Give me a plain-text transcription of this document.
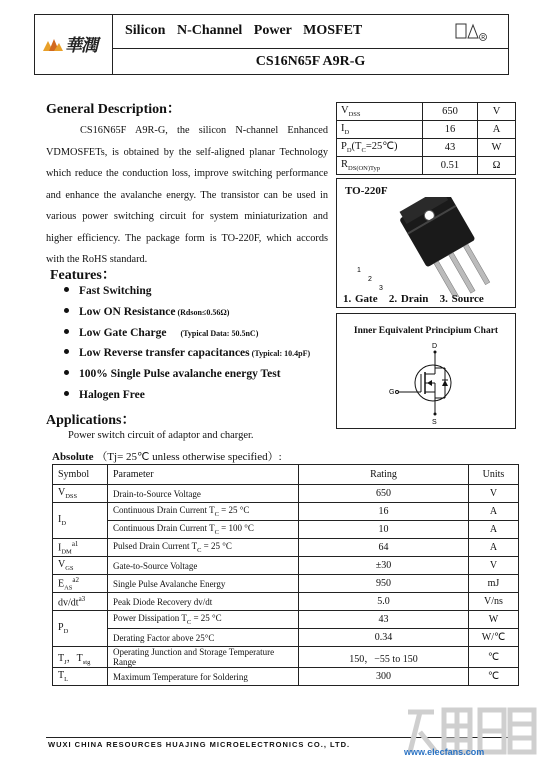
華潤
Silicon N-Channel Power MOSFET	R
CS16N65F A9R-G
General Description：
CS16N65F A9R-G, the silicon N-channel Enhanced VDMOSFETs, is obtained by the self-aligned planar Technology which reduce the conduction loss, improve switching performance and enhance the avalanche energy. The transistor can be used in various power switching circuit for system miniaturization and higher efficiency. The package form is TO-220F, which accords with the RoHS standard.
$V_{DSS}$	650	V
$I_D$	16	A
$P_D(T_C=25℃)$	43	W
$R_{DS(ON)Typ}$	0.51	Ω
TO-220F
1
2
3
1. Gate   2. Drain   3. Source
Inner Equivalent Principium Chart
D
G
S
Features：
Fast Switching
Low ON Resistance (Rdson≤0.56Ω)
Low Gate Charge (Typical Data: 50.5nC)
Low Reverse transfer capacitances (Typical: 10.4pF)
100% Single Pulse avalanche energy Test
Halogen Free
Applications：
Power switch circuit of adaptor and charger.
Absolute （Tj= 25℃ unless otherwise specified）:
Symbol	Parameter	Rating	Units
$V_{DSS}$	Drain-to-Source Voltage	650	V
$I_D$	Continuous Drain Current $T_C = 25$ °C	16	A
	Continuous Drain Current $T_C = 100$ °C	10	A
$I_{DM}^{a1}$	Pulsed Drain Current $T_C = 25$ °C	64	A
$V_{GS}$	Gate-to-Source Voltage	±30	V
$E_{AS}^{a2}$	Single Pulse Avalanche Energy	950	mJ
$dv/dt^{a3}$	Peak Diode Recovery dv/dt	5.0	V/ns
$P_D$	Power Dissipation $T_C = 25$ °C	43	W
	Derating Factor above 25°C	0.34	W/℃
$T_J$，$T_{stg}$	Operating Junction and Storage Temperature Range	150，−55 to 150	℃
$T_L$	Maximum Temperature for Soldering	300	℃
WUXI CHINA RESOURCES HUAJING MICROELECTRONICS CO., LTD.
www.elecfans.com
